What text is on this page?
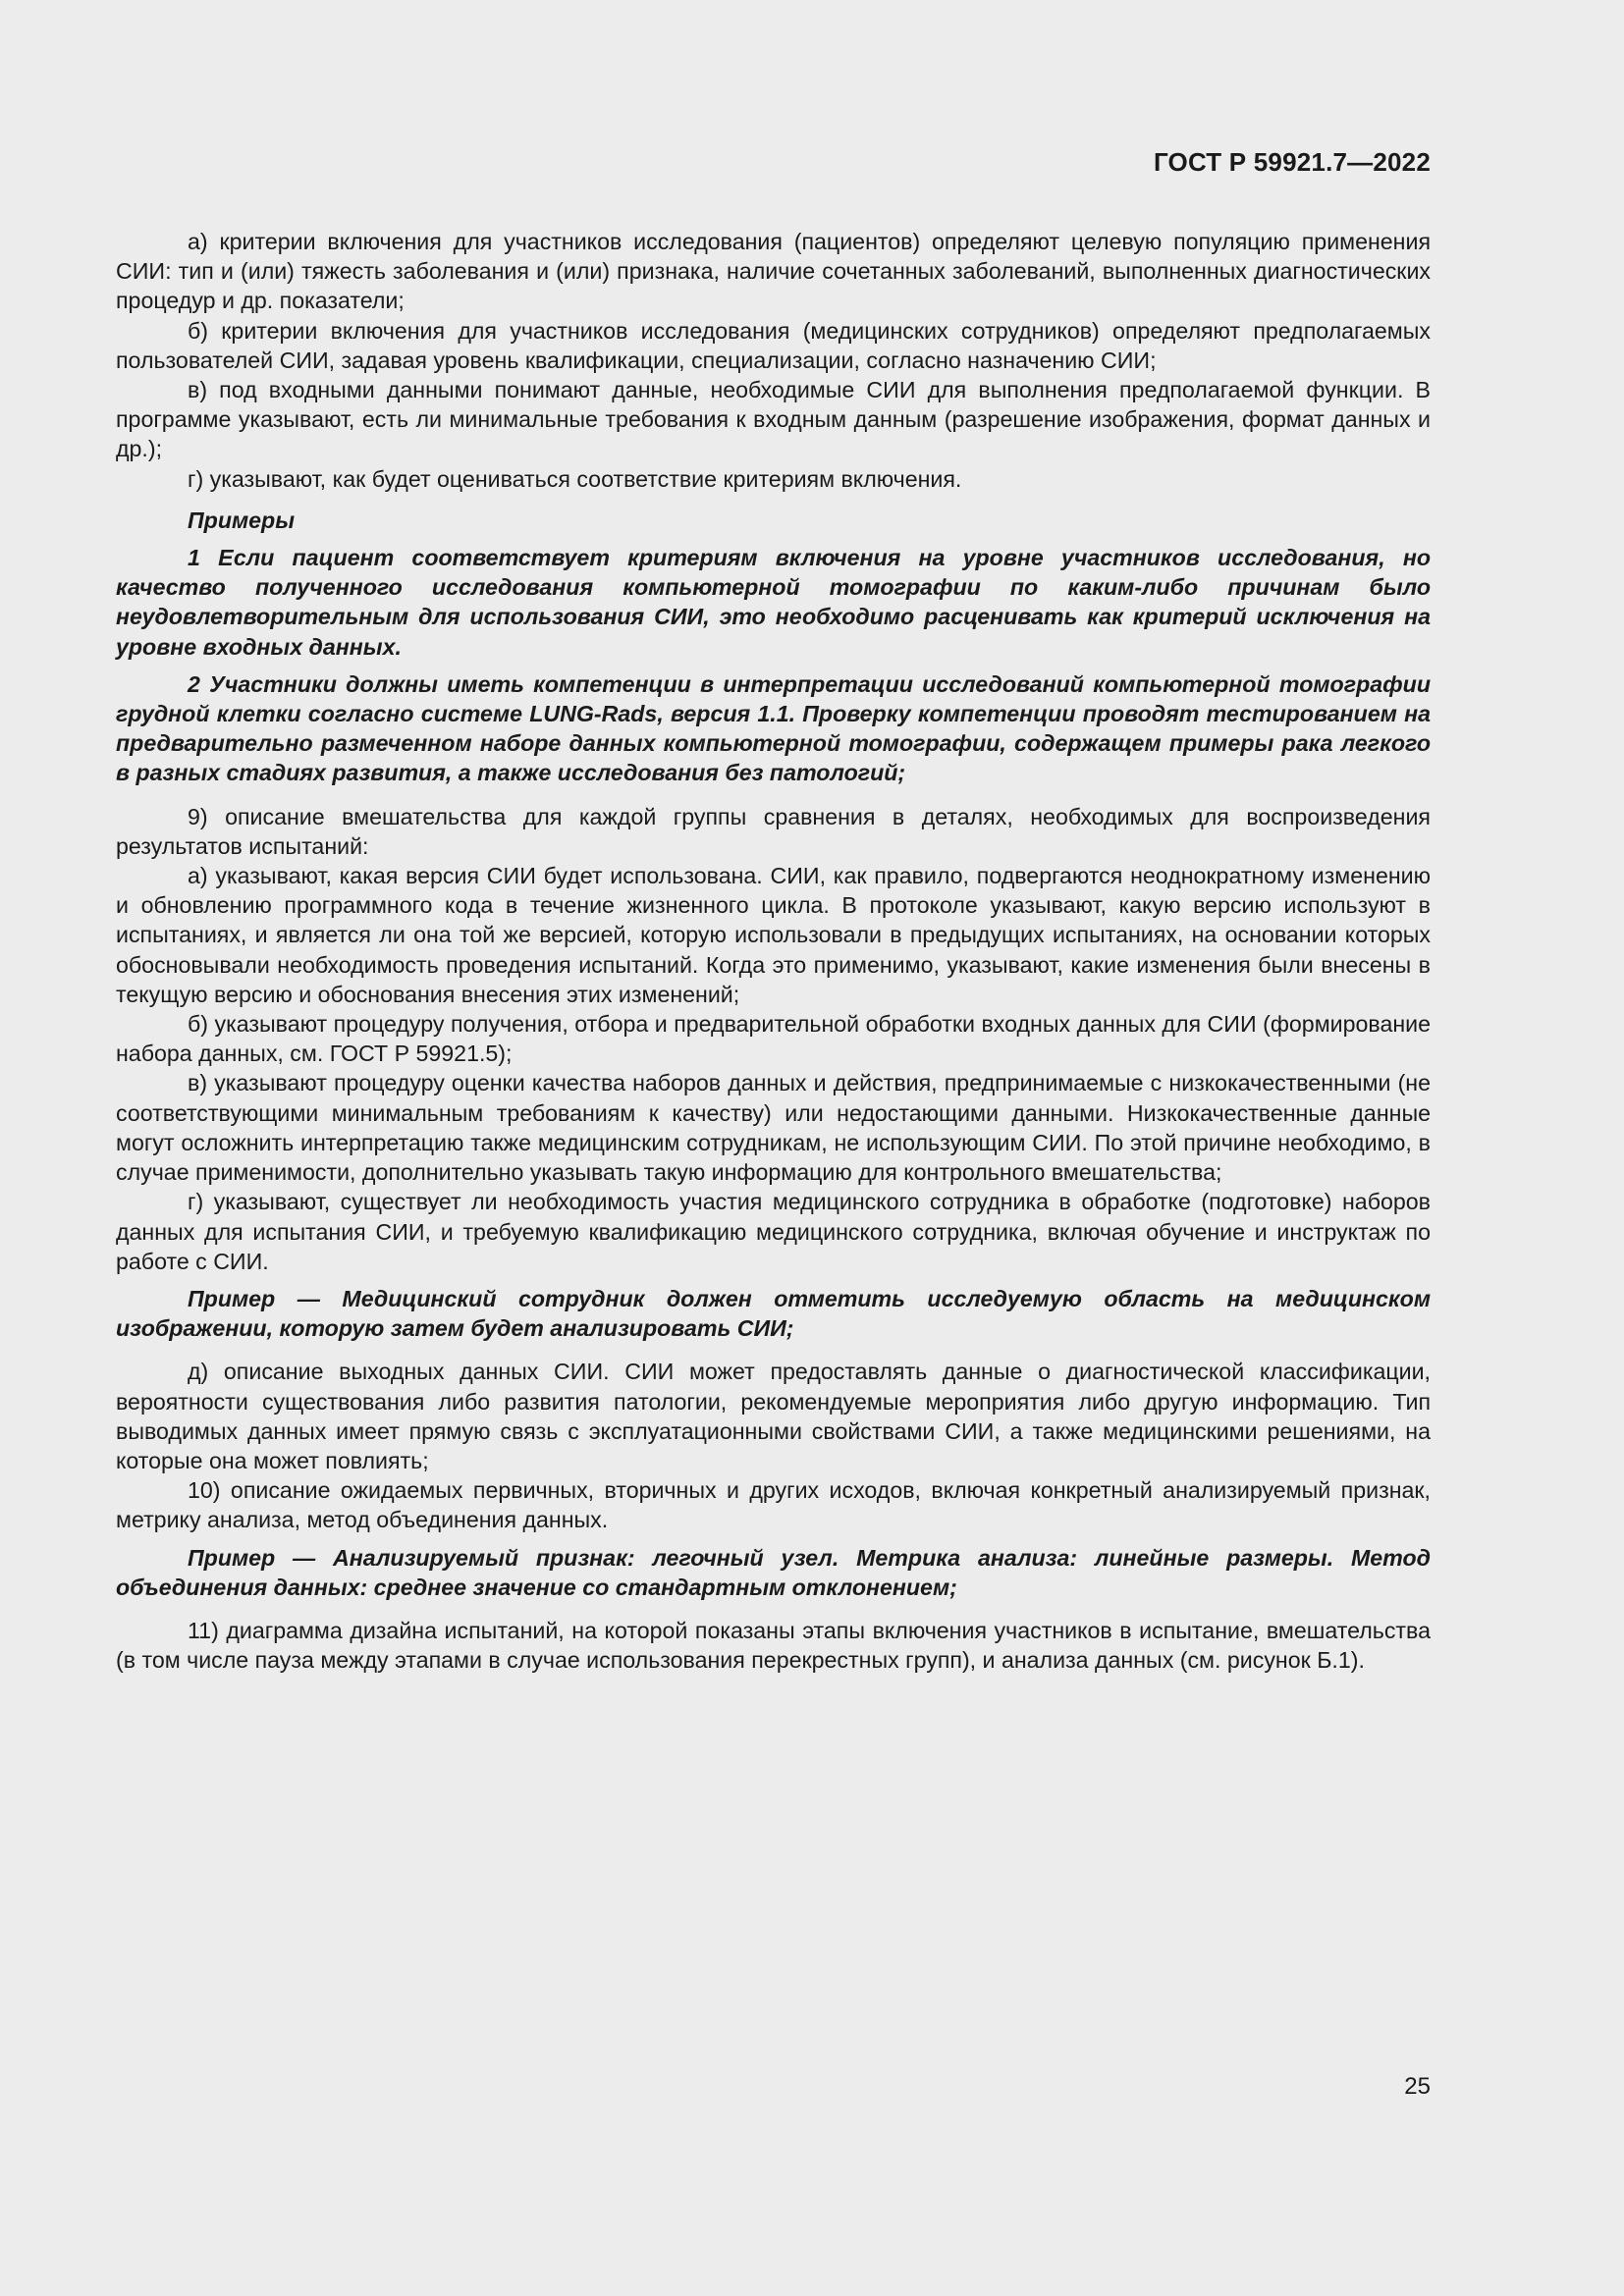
ГОСТ Р 59921.7—2022

а) критерии включения для участников исследования (пациентов) определяют целевую популяцию применения СИИ: тип и (или) тяжесть заболевания и (или) признака, наличие сочетанных заболеваний, выполненных диагностических процедур и др. показатели;

б) критерии включения для участников исследования (медицинских сотрудников) определяют предполагаемых пользователей СИИ, задавая уровень квалификации, специализации, согласно назначению СИИ;

в) под входными данными понимают данные, необходимые СИИ для выполнения предполагаемой функции. В программе указывают, есть ли минимальные требования к входным данным (разрешение изображения, формат данных и др.);

г) указывают, как будет оцениваться соответствие критериям включения.

Примеры

1 Если пациент соответствует критериям включения на уровне участников исследования, но качество полученного исследования компьютерной томографии по каким-либо причинам было неудовлетворительным для использования СИИ, это необходимо расценивать как критерий исключения на уровне входных данных.

2 Участники должны иметь компетенции в интерпретации исследований компьютерной томографии грудной клетки согласно системе LUNG-Rads, версия 1.1. Проверку компетенции проводят тестированием на предварительно размеченном наборе данных компьютерной томографии, содержащем примеры рака легкого в разных стадиях развития, а также исследования без патологий;

9) описание вмешательства для каждой группы сравнения в деталях, необходимых для воспроизведения результатов испытаний:

а) указывают, какая версия СИИ будет использована. СИИ, как правило, подвергаются неоднократному изменению и обновлению программного кода в течение жизненного цикла. В протоколе указывают, какую версию используют в испытаниях, и является ли она той же версией, которую использовали в предыдущих испытаниях, на основании которых обосновывали необходимость проведения испытаний. Когда это применимо, указывают, какие изменения были внесены в текущую версию и обоснования внесения этих изменений;

б) указывают процедуру получения, отбора и предварительной обработки входных данных для СИИ (формирование набора данных, см. ГОСТ Р 59921.5);

в) указывают процедуру оценки качества наборов данных и действия, предпринимаемые с низкокачественными (не соответствующими минимальным требованиям к качеству) или недостающими данными. Низкокачественные данные могут осложнить интерпретацию также медицинским сотрудникам, не использующим СИИ. По этой причине необходимо, в случае применимости, дополнительно указывать такую информацию для контрольного вмешательства;

г) указывают, существует ли необходимость участия медицинского сотрудника в обработке (подготовке) наборов данных для испытания СИИ, и требуемую квалификацию медицинского сотрудника, включая обучение и инструктаж по работе с СИИ.

Пример — Медицинский сотрудник должен отметить исследуемую область на медицинском изображении, которую затем будет анализировать СИИ;

д) описание выходных данных СИИ. СИИ может предоставлять данные о диагностической классификации, вероятности существования либо развития патологии, рекомендуемые мероприятия либо другую информацию. Тип выводимых данных имеет прямую связь с эксплуатационными свойствами СИИ, а также медицинскими решениями, на которые она может повлиять;

10) описание ожидаемых первичных, вторичных и других исходов, включая конкретный анализируемый признак, метрику анализа, метод объединения данных.

Пример — Анализируемый признак: легочный узел. Метрика анализа: линейные размеры. Метод объединения данных: среднее значение со стандартным отклонением;

11) диаграмма дизайна испытаний, на которой показаны этапы включения участников в испытание, вмешательства (в том числе пауза между этапами в случае использования перекрестных групп), и анализа данных (см. рисунок Б.1).

25
